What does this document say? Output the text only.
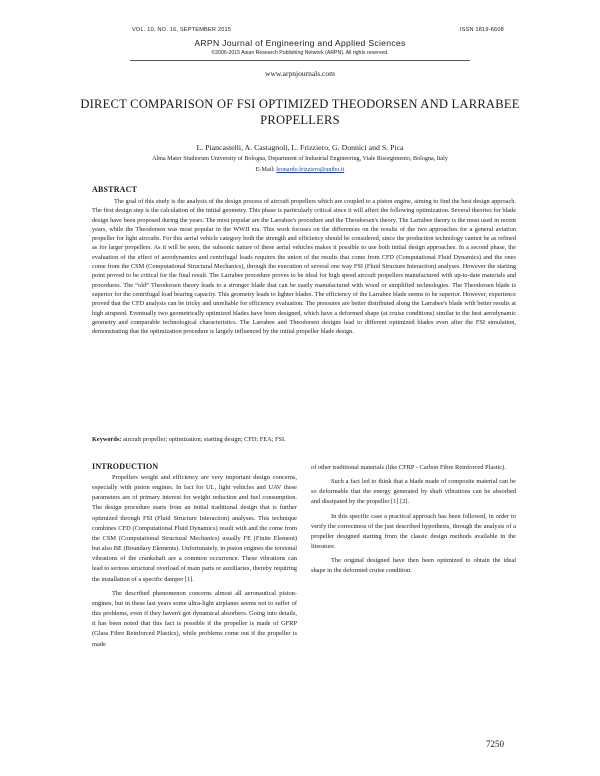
VOL. 10, NO. 16, SEPTEMBER 2015	ISSN 1819-6608
ARPN Journal of Engineering and Applied Sciences
©2006-2015 Asian Research Publishing Network (ARPN). All rights reserved.
www.arpnjournals.com
DIRECT COMPARISON OF FSI OPTIMIZED THEODORSEN AND LARRABEE PROPELLERS
L. Piancastelli, A. Castagnoli, L. Frizziero, G. Donnici and S. Pica
Alma Mater Studiorum University of Bologna, Department of Industrial Engineering, Viale Risorgimento, Bologna, Italy
E-Mail: leonardo.frizziero@unibo.it
ABSTRACT
The goal of this study is the analysis of the design process of aircraft propellers which are coupled to a piston engine, aiming to find the best design approach. The first design step is the calculation of the initial geometry. This phase is particularly critical since it will affect the following optimization. Several theories for blade design have been proposed during the years. The most popular are the Larrabee's procedure and the Theodorsen's theory. The Larrabee theory is the most used in recent years, while the Theodorsen was most popular in the WWII era. This work focuses on the differences on the results of the two approaches for a general aviation propeller for light aircrafts. For this aerial vehicle category both the strength and efficiency should be considered, since the production technology cannot be as refined as for larger propellers. As it will be seen, the subsonic nature of these aerial vehicles makes it possible to use both initial design approaches. In a second phase, the evaluation of the effect of aerodynamics and centrifugal loads requires the union of the results that come from CFD (Computational Fluid Dynamics) and the ones come from the CSM (Computational Structural Mechanics), through the execution of several one way FSI (Fluid Structure Interaction) analyses. However the starting point proved to be critical for the final result. The Larrabee procedure proves to be ideal for high speed aircraft propellers manufactured with up-to-date materials and procedures. The “old” Theodorsen theory leads to a stronger blade that can be easily manufactured with wood or simplified technologies. The Theodorsen blade is superior for the centrifugal load bearing capacity. This geometry leads to lighter blades. The efficiency of the Larrabee blade seems to be superior. However, experience proved that the CFD analysis can be tricky and unreliable for efficiency evaluation. The pressures are better distributed along the Larrabee's blade with better results at high airspeed. Eventually two geometrically optimized blades have been designed, which have a deformed shape (at cruise conditions) similar to the best aerodynamic geometry and comparable technological characteristics. The Larrabee and Theodorsen designs lead to different optimized blades even after the FSI simulation, demonstrating that the optimization procedure is largely influenced by the initial propeller blade design.
Keywords: aircraft propeller; optimization; starting design; CFD; FEA; FSI.
INTRODUCTION

Propellers weight and efficiency are very important design concerns, especially with piston engines. In fact for UL, light vehicles and UAV these parameters are of primary interest for weight reduction and fuel consumption. The design procedure starts from an initial traditional design that is further optimized through FSI (Fluid Structure Interaction) analyses. This technique combines CFD (Computational Fluid Dynamics) result with and the come from the CSM (Computational Structural Mechanics) usually FE (Finite Element) but also BE (Boundary Elements). Unfortunately, in piston engines the torsional vibrations of the crankshaft are a common occurrence. These vibrations can lead to serious structural overload of main parts or auxiliaries, thereby requiring the installation of a specific damper [1].

The described phenomenon concerns almost all aeronautical piston-engines, but in these last years some ultra-light airplanes seems not to suffer of this problems, even if they haven't got dynamical absorbers. Going into details, it has been noted that this fact is possible if the propeller is made of GFRP (Glass Fibre Reinforced Plastics), while problems come out if the propeller is made

of other traditional materials (like CFRP - Carbon Fibre Reinforced Plastic).

Such a fact led to think that a blade made of composite material can be so deformable that the energy generated by shaft vibrations can be absorbed and dissipated by the propeller [1] [2].

In this specific case a practical approach has been followed, in order to verify the correctness of the just described hypothesis, through the analysis of a propeller designed starting from the classic design methods available in the literature.

The original designed have then been optimized to obtain the ideal shape in the deformed cruise condition.

7250
